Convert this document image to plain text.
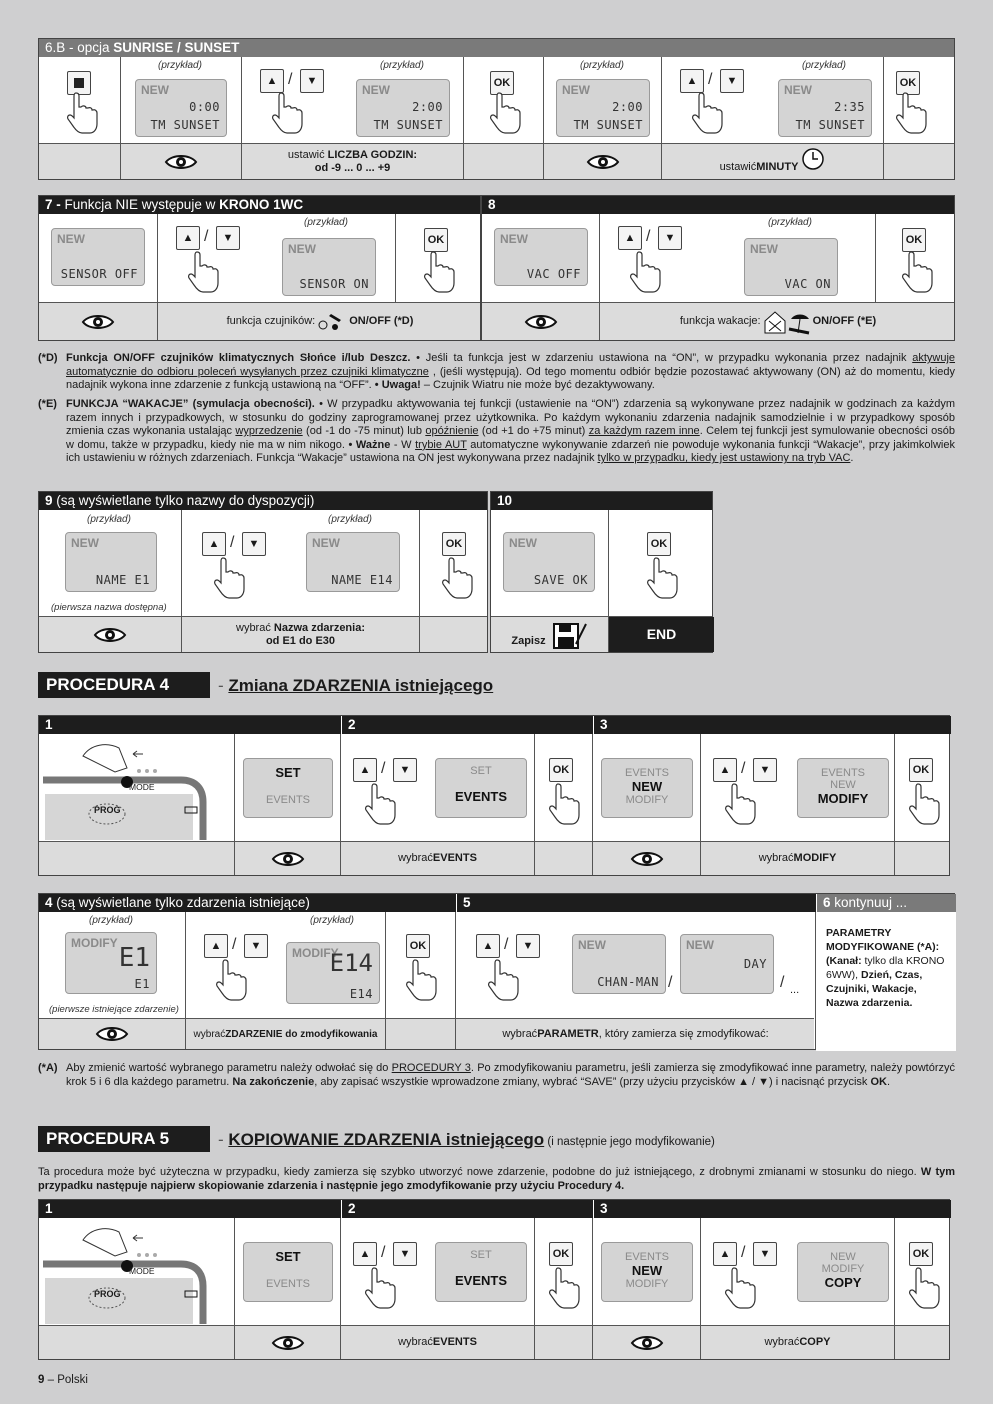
6.B - opcja SUNRISE / SUNSET
(przykład)
NEW
0:00
TM SUNSET
▲ /	▼
(przykład)
NEW
2:00
TM SUNSET
OK
(przykład)
NEW
2:00
TM SUNSET
▲ /	▼
(przykład)
NEW
2:35
TM SUNSET
OK
ustawić LICZBA GODZIN:
od -9 ... 0 ... +9	ustawić MINUTY
7 - Funkcja NIE występuje w KRONO 1WC
NEW
SENSOR OFF
▲ /	▼
(przykład)
NEW
SENSOR ON
OK
funkcja czujników:	ON/OFF (*D)
8
NEW
VAC OFF
▲ /	▼
(przykład)
NEW
VAC ON
OK
funkcja wakacje:	ON/OFF (*E)
(*D) Funkcja ON/OFF czujników klimatycznych Słońce i/lub Deszcz. • Jeśli ta funkcja jest w zdarzeniu ustawiona na “ON”, w przypadku wykonania przez nadajnik aktywuje automatycznie do odbioru poleceń wysyłanych przez czujniki klimatyczne , (jeśli występują). Od tego momentu odbiór będzie pozostawać aktywowany (ON) aż do momentu, kiedy nadajnik wykona inne zdarzenie z funkcją ustawioną na “OFF”. • Uwaga! – Czujnik Wiatru nie może być dezaktywowany.
(*E) FUNKCJA “WAKACJE” (symulacja obecności). • W przypadku aktywowania tej funkcji (ustawienie na “ON”) zdarzenia są wykonywane przez nadajnik w godzinach za każdym razem innych i przypadkowych, w stosunku do godziny zaprogramowanej przez użytkownika. Po każdym wykonaniu zdarzenia nadajnik samodzielnie i w przypadkowy sposób zmienia czas wykonania ustalając wyprzedzenie (od -1 do -75 minut) lub opóźnienie (od +1 do +75 minut) za każdym razem inne. Celem tej funkcji jest symulowanie obecności osób w domu, także w przypadku, kiedy nie ma w nim nikogo. • Ważne - W trybie AUT automatyczne wykonywanie zdarzeń nie powoduje wykonania funkcji “Wakacje”, przy jakimkolwiek ich ustawieniu w różnych zdarzeniach. Funkcja “Wakacje” ustawiona na ON jest wykonywana przez nadajnik tylko w przypadku, kiedy jest ustawiony na tryb VAC.
9 (są wyświetlane tylko nazwy do dyspozycji)
(przykład)
NEW
NAME E1
(pierwsza nazwa dostępna)
▲ /	▼
(przykład)
NEW
NAME E14
OK
wybrać Nazwa zdarzenia:
od E1 do E30
10
NEW
SAVE OK
OK
Zapisz	END
PROCEDURA 4	- Zmiana ZDARZENIA istniejącego
1	2	3
MODE
PROG
SET
EVENTS
▲ /	▼	SET
EVENTS
OK	EVENTS
NEW
MODIFY
▲ /	▼	EVENTS
NEW
MODIFY
OK
wybrać EVENTS	wybrać MODIFY
4 (są wyświetlane tylko zdarzenia istniejące)	5	6 kontynuuj ...
(przykład)
MODIFY E1
E1
(pierwsze istniejące zdarzenie)
▲ /	▼
(przykład)
MODIFY
E14
E14
OK	▲ /	▼	NEW
CHAN-MAN /
NEW
DAY
/ ...
PARAMETRY MODYFIKOWANE (*A):
(Kanał: tylko dla KRONO 6WW), Dzień, Czas, Czujniki, Wakacje, Nazwa zdarzenia.
wybrać ZDARZENIE do zmodyfikowania	wybrać PARAMETR , który zamierza się zmodyfikować:
(*A) Aby zmienić wartość wybranego parametru należy odwołać się do PROCEDURY 3. Po zmodyfikowaniu parametru, jeśli zamierza się zmodyfikować inne parametry, należy powtórzyć krok 5 i 6 dla każdego parametru. Na zakończenie, aby zapisać wszystkie wprowadzone zmiany, wybrać “SAVE” (przy użyciu przycisków ▲ / ▼) i nacisnąć przycisk OK.
PROCEDURA 5	- KOPIOWANIE ZDARZENIA istniejącego (i następnie jego modyfikowanie)
Ta procedura może być użyteczna w przypadku, kiedy zamierza się szybko utworzyć nowe zdarzenie, podobne do już istniejącego, z drobnymi zmianami w stosunku do niego. W tym przypadku następuje najpierw skopiowanie zdarzenia i następnie jego zmodyfikowanie przy użyciu Procedury 4.
1	2	3
MODE
PROG
SET
EVENTS
▲ /	▼	SET
EVENTS
OK	EVENTS
NEW
MODIFY
▲ /	▼	NEW
MODIFY
COPY
OK
wybrać EVENTS	wybrać COPY
9 – Polski
